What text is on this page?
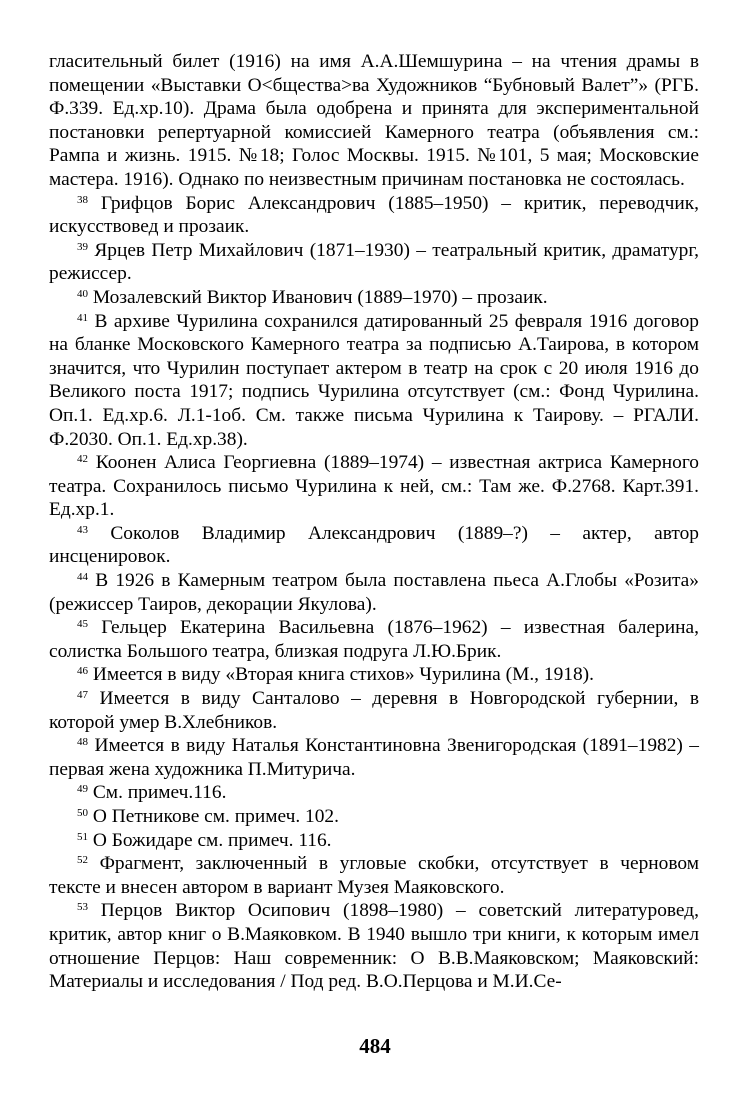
гласительный билет (1916) на имя А.А.Шемшурина – на чтения драмы в помещении «Выставки О<бщества>ва Художников “Бубновый Валет”» (РГБ. Ф.339. Ед.хр.10). Драма была одобрена и принята для экспериментальной постановки репертуарной комиссией Камерного театра (объявления см.: Рампа и жизнь. 1915. №18; Голос Москвы. 1915. №101, 5 мая; Московские мастера. 1916). Однако по неизвестным причинам постановка не состоялась.

$^{38}$ Грифцов Борис Александрович (1885–1950) – критик, переводчик, искусствовед и прозаик.

$^{39}$ Ярцев Петр Михайлович (1871–1930) – театральный критик, драматург, режиссер.

$^{40}$ Мозалевский Виктор Иванович (1889–1970) – прозаик.

$^{41}$ В архиве Чурилина сохранился датированный 25 февраля 1916 договор на бланке Московского Камерного театра за подписью А.Таирова, в котором значится, что Чурилин поступает актером в театр на срок с 20 июля 1916 до Великого поста 1917; подпись Чурилина отсутствует (см.: Фонд Чурилина. Оп.1. Ед.хр.6. Л.1-1об. См. также письма Чурилина к Таирову. – РГАЛИ. Ф.2030. Оп.1. Ед.хр.38).

$^{42}$ Коонен Алиса Георгиевна (1889–1974) – известная актриса Камерного театра. Сохранилось письмо Чурилина к ней, см.: Там же. Ф.2768. Карт.391. Ед.хр.1.

$^{43}$ Соколов Владимир Александрович (1889–?) – актер, автор инсценировок.

$^{44}$ В 1926 в Камерным театром была поставлена пьеса А.Глобы «Розита» (режиссер Таиров, декорации Якулова).

$^{45}$ Гельцер Екатерина Васильевна (1876–1962) – известная балерина, солистка Большого театра, близкая подруга Л.Ю.Брик.

$^{46}$ Имеется в виду «Вторая книга стихов» Чурилина (М., 1918).

$^{47}$ Имеется в виду Санталово – деревня в Новгородской губернии, в которой умер В.Хлебников.

$^{48}$ Имеется в виду Наталья Константиновна Звенигородская (1891–1982) – первая жена художника П.Митурича.

$^{49}$ См. примеч.116.

$^{50}$ О Петникове см. примеч. 102.

$^{51}$ О Божидаре см. примеч. 116.

$^{52}$ Фрагмент, заключенный в угловые скобки, отсутствует в черновом тексте и внесен автором в вариант Музея Маяковского.

$^{53}$ Перцов Виктор Осипович (1898–1980) – советский литературовед, критик, автор книг о В.Маяковком. В 1940 вышло три книги, к которым имел отношение Перцов: Наш современник: О В.В.Маяковском; Маяковский: Материалы и исследования / Под ред. В.О.Перцова и М.И.Се-

484
